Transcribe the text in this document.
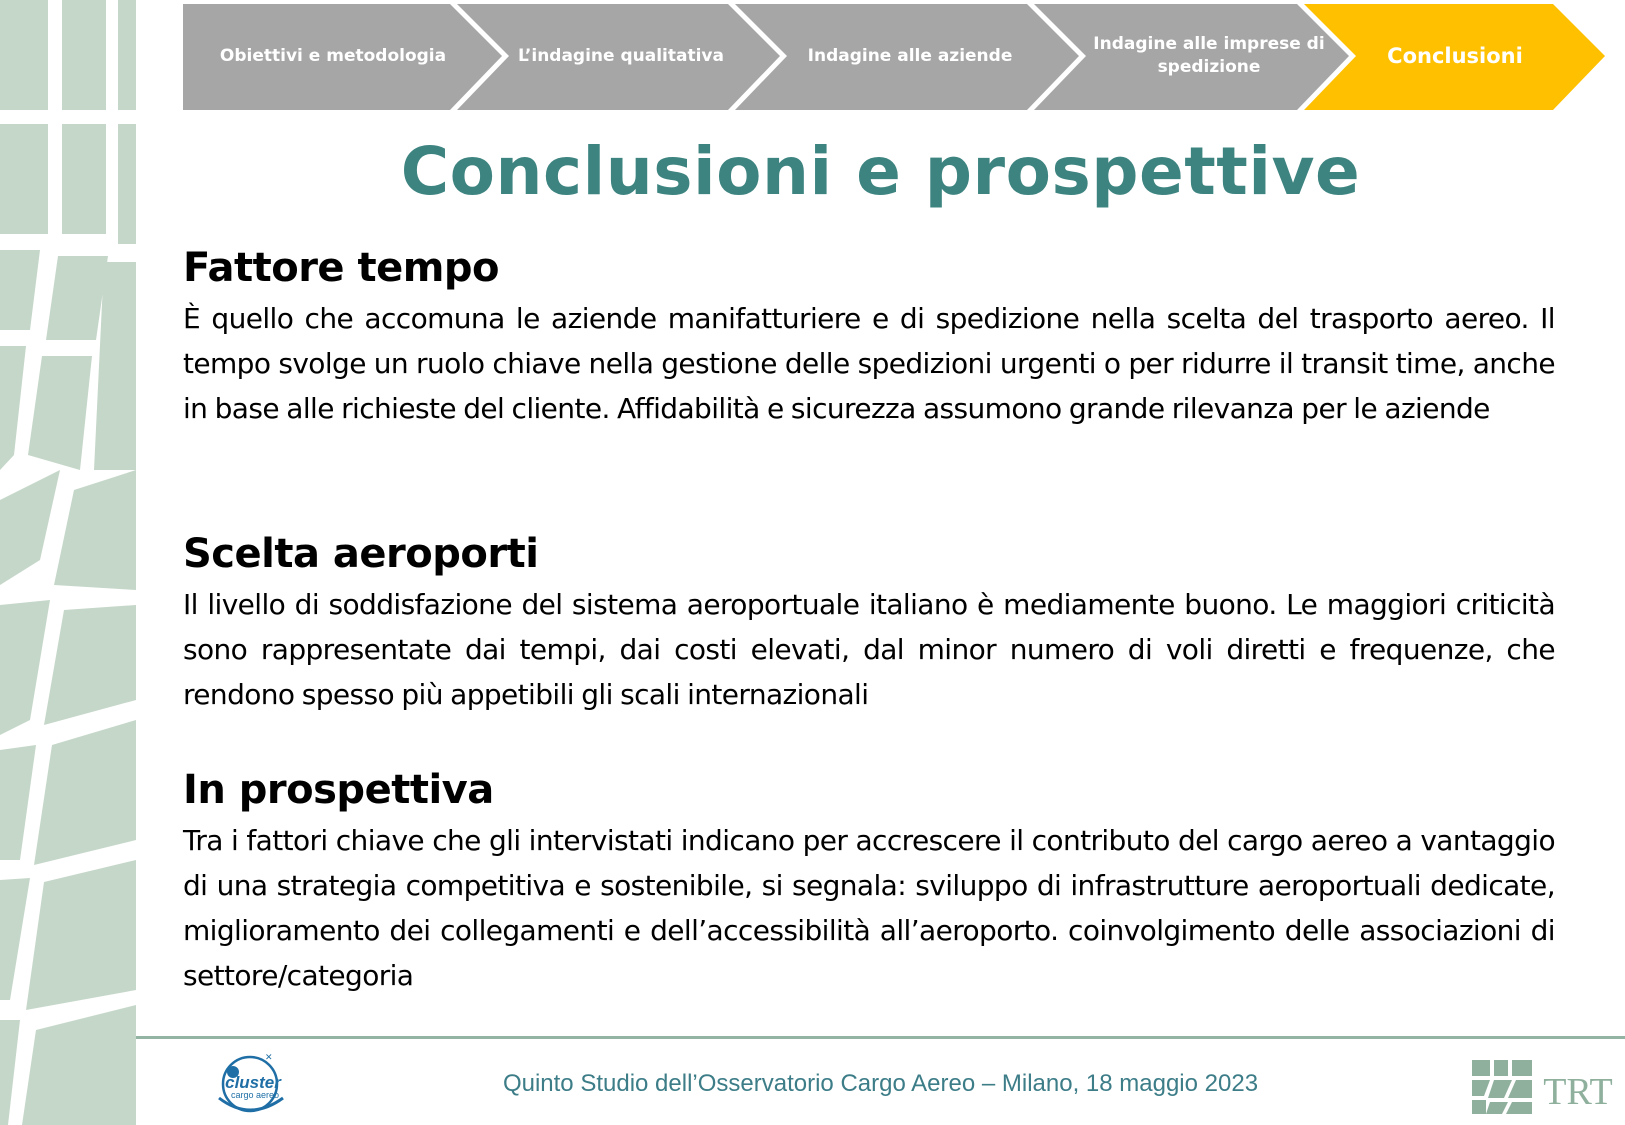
Obiettivi e metodologia	L’indagine qualitativa	Indagine alle aziende
Indagine alle imprese di spedizione	Conclusioni
Conclusioni e prospettive
Fattore tempo

È quello che accomuna le aziende manifatturiere e di spedizione nella scelta del trasporto aereo. Il tempo svolge un ruolo chiave nella gestione delle spedizioni urgenti o per ridurre il transit time, anche in base alle richieste del cliente. Affidabilità e sicurezza assumono grande rilevanza per le aziende

Scelta aeroporti

Il livello di soddisfazione del sistema aeroportuale italiano è mediamente buono. Le maggiori criticità sono rappresentate dai tempi, dai costi elevati, dal minor numero di voli diretti e frequenze, che rendono spesso più appetibili gli scali internazionali

In prospettiva

Tra i fattori chiave che gli intervistati indicano per accrescere il contributo del cargo aereo a vantaggio di una strategia competitiva e sostenibile, si segnala: sviluppo di infrastrutture aeroportuali dedicate, miglioramento dei collegamenti e dell’accessibilità all’aeroporto. coinvolgimento delle associazioni di settore/categoria

✕
cluster
cargo aereo	Quinto Studio dell’Osservatorio Cargo Aereo – Milano, 18 maggio 2023	TRT
